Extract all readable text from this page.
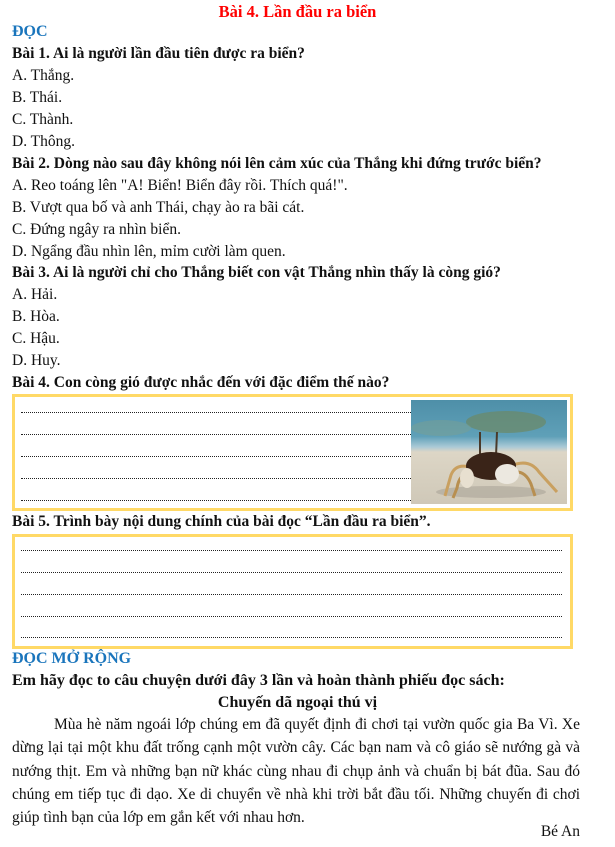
Bài 4. Lần đầu ra biển
ĐỌC
Bài 1. Ai là người lần đầu tiên được ra biển?
A. Thắng.
B. Thái.
C. Thành.
D. Thông.
Bài 2. Dòng nào sau đây không nói lên cảm xúc của Thắng khi đứng trước biển?
A. Reo toáng lên "A! Biển! Biển đây rồi. Thích quá!".
B. Vượt qua bố và anh Thái, chạy ào ra bãi cát.
C. Đứng ngây ra nhìn biển.
D. Ngẩng đầu nhìn lên, mỉm cười làm quen.
Bài 3. Ai là người chỉ cho Thắng biết con vật Thắng nhìn thấy là còng gió?
A. Hải.
B. Hòa.
C. Hậu.
D. Huy.
Bài 4. Con còng gió được nhắc đến với đặc điểm thế nào?
Bài 5. Trình bày nội dung chính của bài đọc “Lần đầu ra biển”.
ĐỌC MỞ RỘNG
Em hãy đọc to câu chuyện dưới đây 3 lần và hoàn thành phiếu đọc sách:
Chuyến dã ngoại thú vị
Mùa hè năm ngoái lớp chúng em đã quyết định đi chơi tại vườn quốc gia Ba Vì. Xe dừng lại tại một khu đất trống cạnh một vườn cây. Các bạn nam và cô giáo sẽ nướng gà và nướng thịt. Em và những bạn nữ khác cùng nhau đi chụp ảnh và chuẩn bị bát đũa. Sau đó chúng em tiếp tục đi dạo. Xe di chuyển về nhà khi trời bắt đầu tối. Những chuyến đi chơi giúp tình bạn của lớp em gắn kết với nhau hơn.
Bé An
